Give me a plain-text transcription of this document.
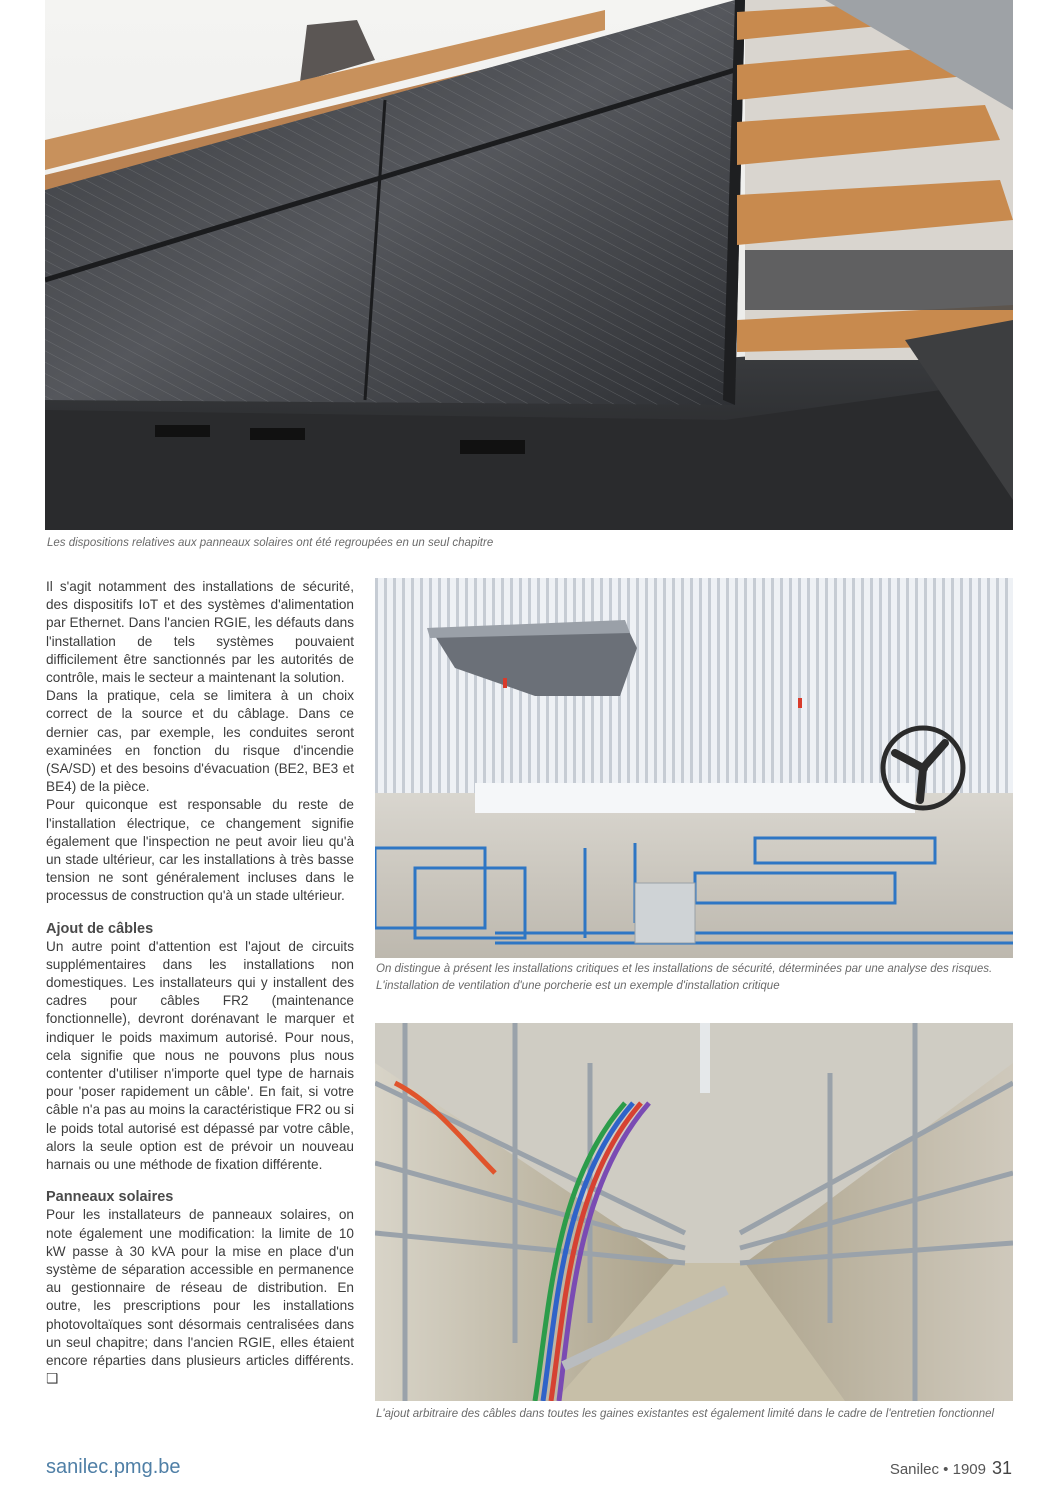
Les dispositions relatives aux panneaux solaires ont été regroupées en un seul chapitre
On distingue à présent les installations critiques et les installations de sécurité, déterminées par une analyse des risques. L'installation de ventilation d'une porcherie est un exemple d'installation critique
L'ajout arbitraire des câbles dans toutes les gaines existantes est également limité dans le cadre de l'entretien fonctionnel

Il s'agit notamment des installations de sécurité, des dispositifs IoT et des systèmes d'alimentation par Ethernet. Dans l'ancien RGIE, les défauts dans l'installation de tels systèmes pouvaient difficilement être sanctionnés par les autorités de contrôle, mais le secteur a maintenant la solution.

Dans la pratique, cela se limitera à un choix correct de la source et du câblage. Dans ce dernier cas, par exemple, les conduites seront examinées en fonction du risque d'incendie (SA/SD) et des besoins d'évacuation (BE2, BE3 et BE4) de la pièce.

Pour quiconque est responsable du reste de l'installation électrique, ce changement signifie également que l'inspection ne peut avoir lieu qu'à un stade ultérieur, car les installations à très basse tension ne sont généralement incluses dans le processus de construction qu'à un stade ultérieur.

Ajout de câbles

Un autre point d'attention est l'ajout de circuits supplémentaires dans les installations non domestiques. Les installateurs qui y installent des cadres pour câbles FR2 (maintenance fonctionnelle), devront dorénavant le marquer et indiquer le poids maximum autorisé. Pour nous, cela signifie que nous ne pouvons plus nous contenter d'utiliser n'importe quel type de harnais pour 'poser rapidement un câble'. En fait, si votre câble n'a pas au moins la caractéristique FR2 ou si le poids total autorisé est dépassé par votre câble, alors la seule option est de prévoir un nouveau harnais ou une méthode de fixation différente.

Panneaux solaires

Pour les installateurs de panneaux solaires, on note également une modification: la limite de 10 kW passe à 30 kVA pour la mise en place d'un système de séparation accessible en permanence au gestionnaire de réseau de distribution. En outre, les prescriptions pour les installations photovoltaïques sont désormais centralisées dans un seul chapitre; dans l'ancien RGIE, elles étaient encore réparties dans plusieurs articles différents. ❑

sanilec.pmg.be	Sanilec • 1909 31
